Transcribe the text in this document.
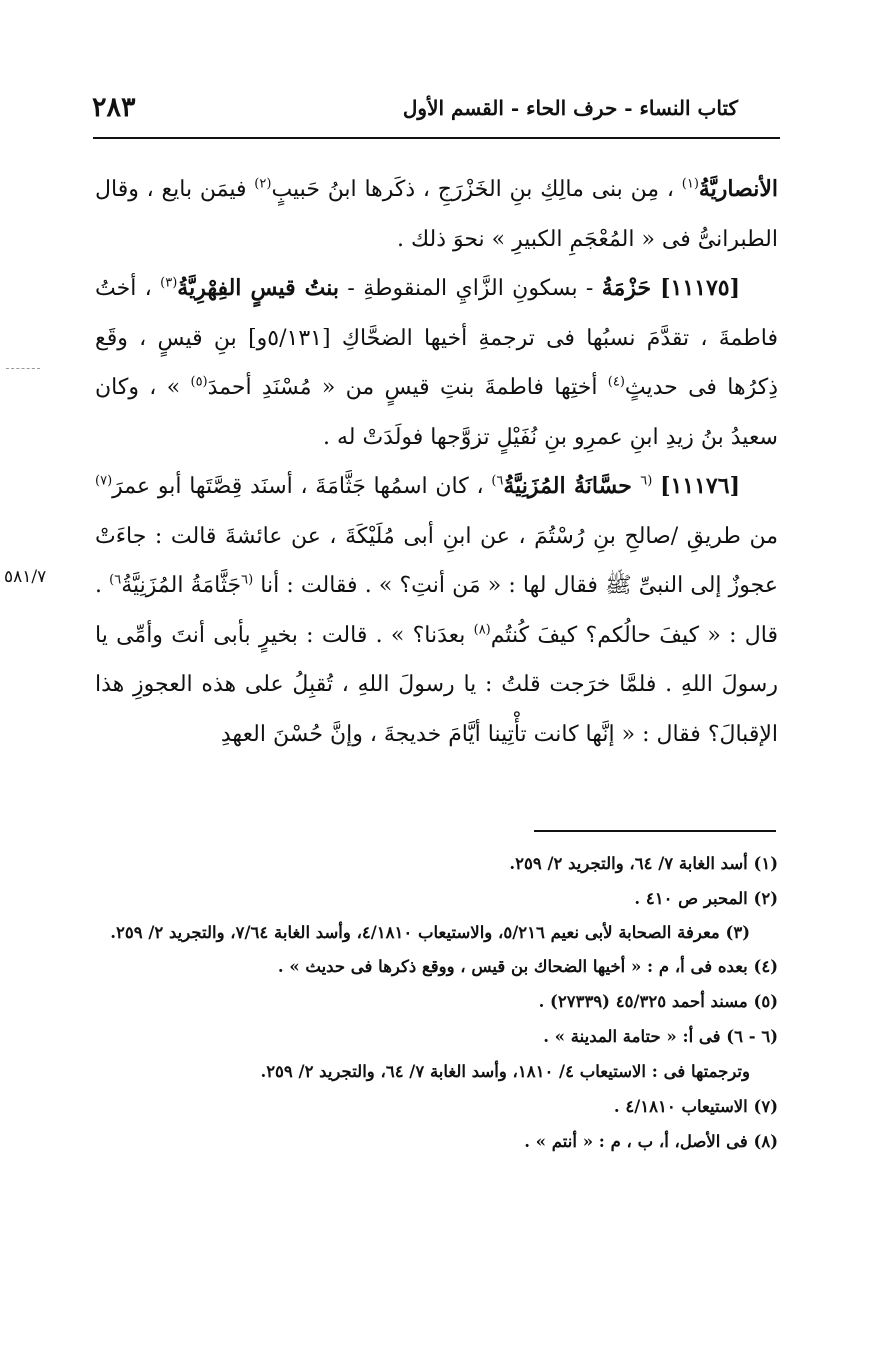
٢٨٣	كتاب النساء - حرف الحاء - القسم الأول
٥٨١/٧

الأنصاريَّةُ$^{(١)}$ ، مِن بنى مالِكِ بنِ الخَزْرَجِ ، ذكَرها ابنُ حَبيبٍ$^{(٢)}$ فيمَن بايع ، وقال الطبرانىُّ فى « المُعْجَمِ الكبيرِ » نحوَ ذلك .

[١١١٧٥] حَزْمَةُ - بسكونِ الزَّايِ المنقوطةِ - بنتُ قيسٍ الفِهْرِيَّةُ$^{(٣)}$ ، أختُ فاطمةَ ، تقدَّمَ نسبُها فى ترجمةِ أخيها الضحَّاكِ [٥/١٣١و] بنِ قيسٍ ، وقَع ذِكرُها فى حديثٍ$^{(٤)}$ أختِها فاطمةَ بنتِ قيسٍ من « مُسْنَدِ أحمدَ$^{(٥)}$ » ، وكان سعيدُ بنُ زيدِ ابنِ عمرِو بنِ نُفَيْلٍ تزوَّجها فولَدَتْ له .

[١١١٧٦] $^{(٦}$ حسَّانَةُ المُزَنِيَّةُ$^{٦)}$ ، كان اسمُها جَثَّامَةَ ، أسنَد قِصَّتَها أبو عمرَ$^{(٧)}$ من طريقِ /صالحِ بنِ رُسْتُمَ ، عن ابنِ أبى مُلَيْكَةَ ، عن عائشةَ قالت : جاءَتْ عجوزٌ إلى النبىِّ ﷺ فقال لها : « مَن أنتِ؟ » . فقالت : أنا $^{(٦}$جَثَّامَةُ المُزَنِيَّةُ$^{٦)}$ . قال : « كيفَ حالُكم؟ كيفَ كُنتُم$^{(٨)}$ بعدَنا؟ » . قالت : بخيرٍ بأبى أنتَ وأمِّى يا رسولَ اللهِ . فلمَّا خرَجت قلتُ : يا رسولَ اللهِ ، تُقبِلُ على هذه العجوزِ هذا الإقبالَ؟ فقال : « إنَّها كانت تأْتِينا أيَّامَ خديجةَ ، وإنَّ حُسْنَ العهدِ

(١) أسد الغابة ٧/ ٦٤، والتجريد ٢/ ٢٥٩.

(٢) المحبر ص ٤١٠ .

(٣) معرفة الصحابة لأبى نعيم ٥/٢١٦، والاستيعاب ٤/١٨١٠، وأسد الغابة ٧/٦٤، والتجريد ٢/ ٢٥٩.

(٤) بعده فى أ، م : « أخيها الضحاك بن قيس ، ووقع ذكرها فى حديث » .

(٥) مسند أحمد ٤٥/٣٢٥ (٢٧٣٣٩) .

(٦ - ٦) فى أ: « حتامة المدينة » .

وترجمتها فى : الاستيعاب ٤/ ١٨١٠، وأسد الغابة ٧/ ٦٤، والتجريد ٢/ ٢٥٩.

(٧) الاستيعاب ٤/١٨١٠ .

(٨) فى الأصل، أ، ب ، م : « أنتم » .
